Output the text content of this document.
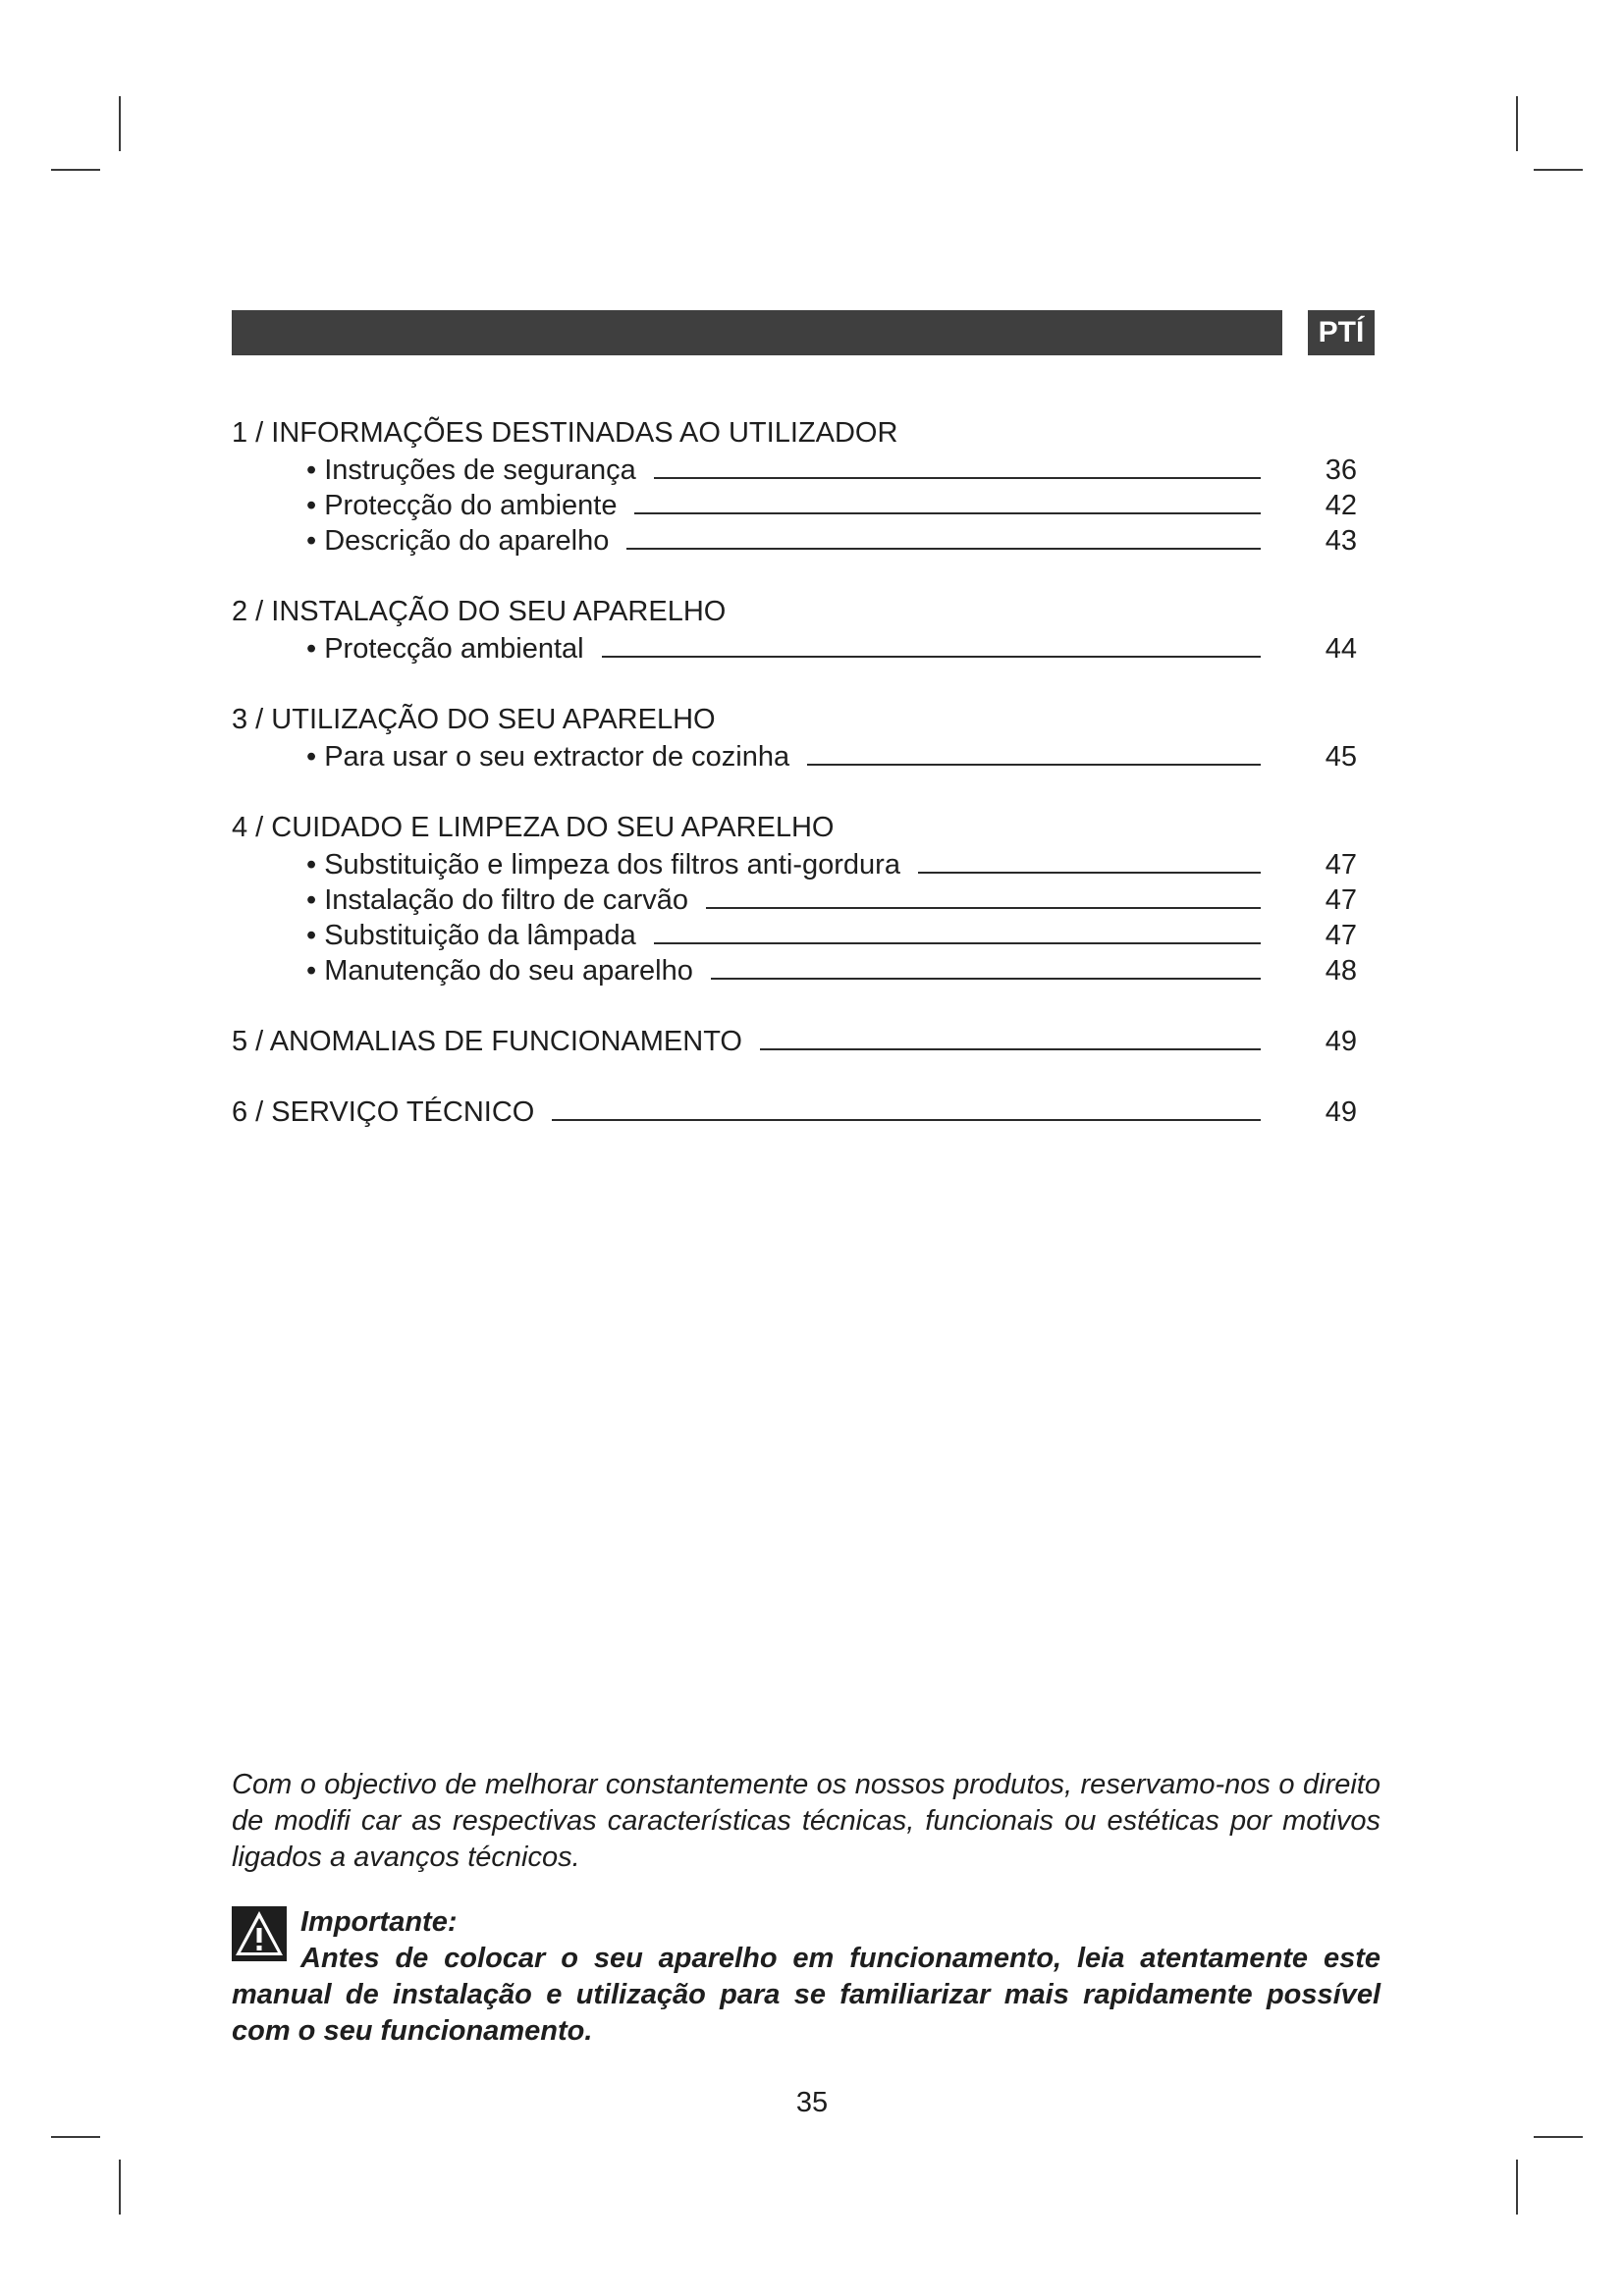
PTÍ
1 / INFORMAÇÕES DESTINADAS AO UTILIZADOR
• Instruções de segurança	36
• Protecção do ambiente	42
• Descrição do aparelho	43
2 / INSTALAÇÃO DO SEU APARELHO
• Protecção ambiental	44
3 / UTILIZAÇÃO DO SEU APARELHO
• Para usar o seu extractor de cozinha	45
4 / CUIDADO E LIMPEZA DO SEU APARELHO
• Substituição e limpeza dos filtros anti-gordura	47
• Instalação do filtro de carvão	47
• Substituição da lâmpada	47
• Manutenção do seu aparelho	48
5 / ANOMALIAS DE FUNCIONAMENTO	49
6 / SERVIÇO TÉCNICO	49
Com o objectivo de melhorar constantemente os nossos produtos, reservamo-nos o direito de modifi car as respectivas características técnicas, funcionais ou estéticas por motivos ligados a avanços técnicos.
Importante:
Antes de colocar o seu aparelho em funcionamento, leia atentamente este manual de instalação e utilização para se familiarizar mais rapidamente possível com o seu funcionamento.
35
